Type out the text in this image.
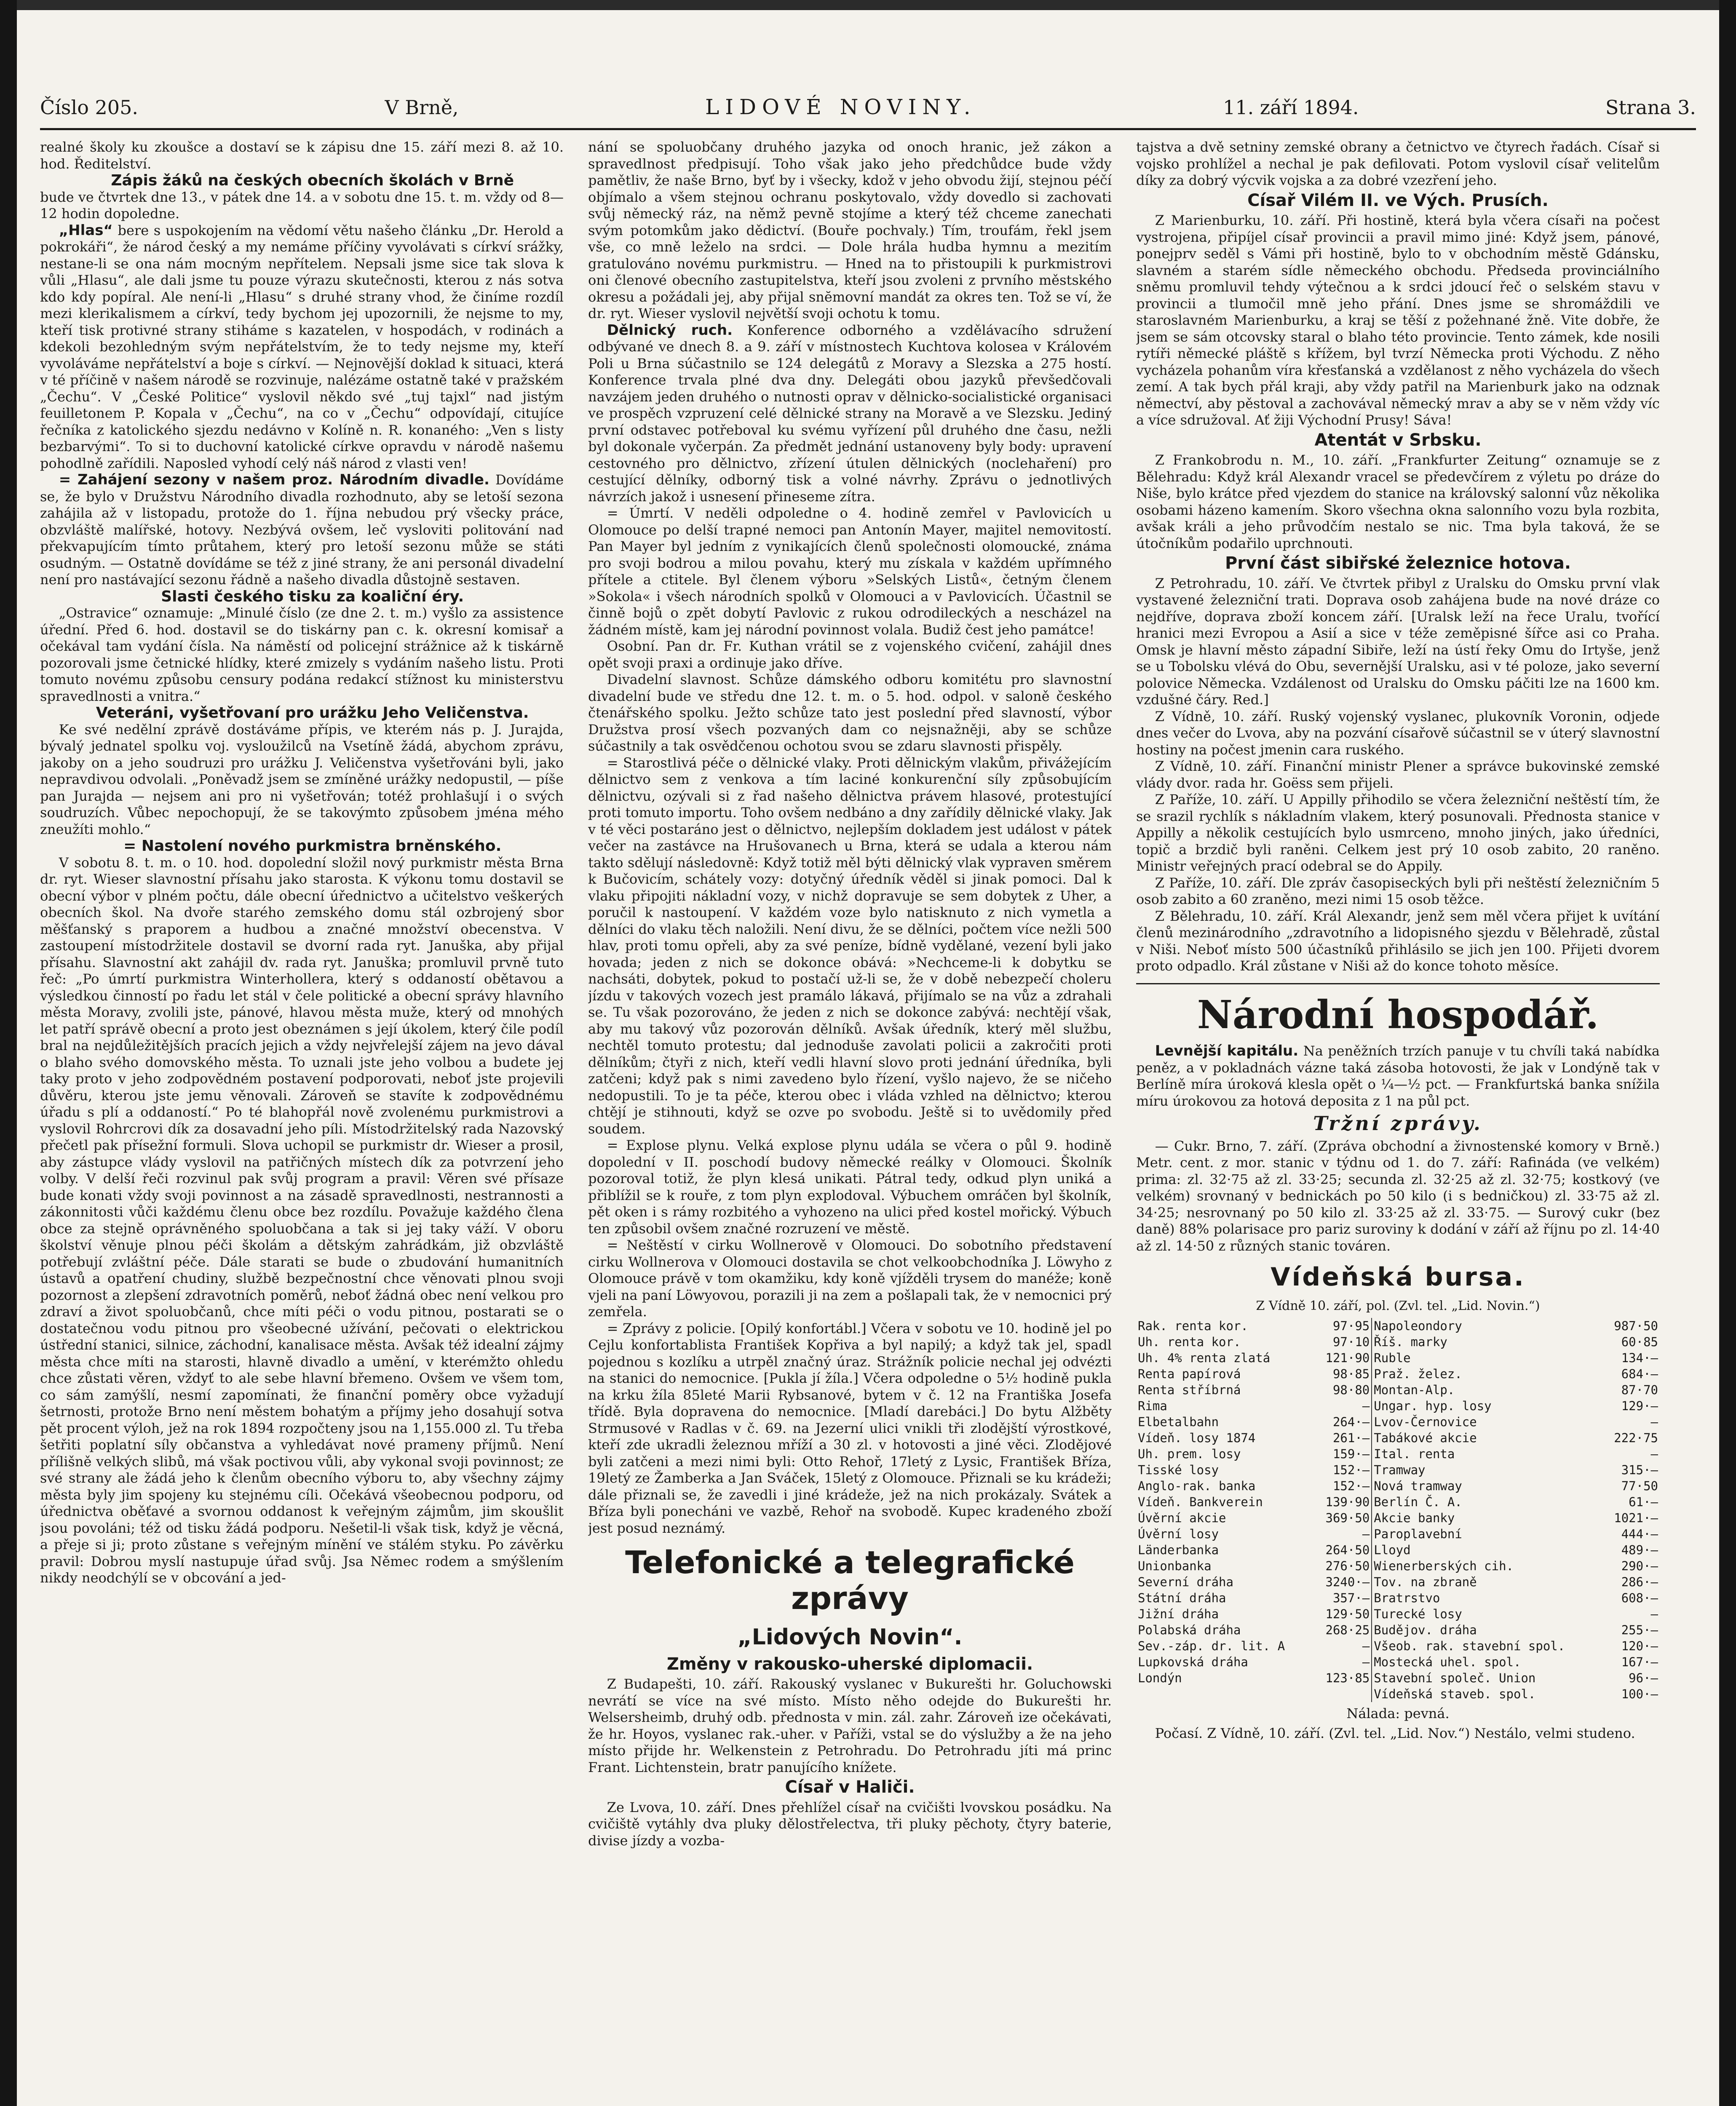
Číslo 205.	V Brně,	LIDOVÉ NOVINY.	11. září 1894.	Strana 3.

realné školy ku zkoušce a dostaví se k zápisu dne 15. září mezi 8. až 10. hod. Ředitelství.

Zápis žáků na českých obecních školách v Brně

bude ve čtvrtek dne 13., v pátek dne 14. a v sobotu dne 15. t. m. vždy od 8—12 hodin dopoledne.

„Hlas“ bere s uspokojením na vědomí větu našeho článku „Dr. Herold a pokrokáři“, že národ český a my nemáme příčiny vyvolávati s církví srážky, nestane-li se ona nám mocným nepřítelem. Nepsali jsme sice tak slova k vůli „Hlasu“, ale dali jsme tu pouze výrazu skutečnosti, kterou z nás sotva kdo kdy popíral. Ale není-li „Hlasu“ s druhé strany vhod, že činíme rozdíl mezi klerikalismem a církví, tedy bychom jej upozornili, že nejsme to my, kteří tisk protivné strany stiháme s kazatelen, v hospodách, v rodinách a kdekoli bezohledným svým nepřátelstvím, že to tedy nejsme my, kteří vyvoláváme nepřátelství a boje s církví. — Nejnovější doklad k situaci, která v té příčině v našem národě se rozvinuje, nalézáme ostatně také v pražském „Čechu“. V „České Politice“ vyslovil někdo své „tuj tajxl“ nad jistým feuilletonem P. Kopala v „Čechu“, na co v „Čechu“ odpovídají, citujíce řečníka z katolického sjezdu nedávno v Kolíně n. R. konaného: „Ven s listy bezbarvými“. To si to duchovní katolické církve opravdu v národě našemu pohodlně zařídili. Naposled vyhodí celý náš národ z vlasti ven!

= Zahájení sezony v našem proz. Národním divadle. Dovídáme se, že bylo v Družstvu Národního divadla rozhodnuto, aby se letoší sezona zahájila až v listopadu, protože do 1. října nebudou prý všecky práce, obzvláště malířské, hotovy. Nezbývá ovšem, leč vysloviti politování nad překvapujícím tímto průtahem, který pro letoší sezonu může se státi osudným. — Ostatně dovídáme se též z jiné strany, že ani personál divadelní není pro nastávající sezonu řádně a našeho divadla důstojně sestaven.

Slasti českého tisku za koaliční éry.

„Ostravice“ oznamuje: „Minulé číslo (ze dne 2. t. m.) vyšlo za assistence úřední. Před 6. hod. dostavil se do tiskárny pan c. k. okresní komisař a očekával tam vydání čísla. Na náměstí od policejní strážnice až k tiskárně pozorovali jsme četnické hlídky, které zmizely s vydáním našeho listu. Proti tomuto novému způsobu censury podána redakcí stížnost ku ministerstvu spravedlnosti a vnitra.“

Veteráni, vyšetřovaní pro urážku Jeho Veličenstva.

Ke své nedělní zprávě dostáváme přípis, ve kterém nás p. J. Jurajda, bývalý jednatel spolku voj. vysloužilců na Vsetíně žádá, abychom zprávu, jakoby on a jeho soudruzi pro urážku J. Veličenstva vyšetřováni byli, jako nepravdivou odvolali. „Poněvadž jsem se zmíněné urážky nedopustil, — píše pan Jurajda — nejsem ani pro ni vyšetřován; totéž prohlašují i o svých soudruzích. Vůbec nepochopují, že se takovýmto způsobem jména mého zneužíti mohlo.“

= Nastolení nového purkmistra brněnského.

V sobotu 8. t. m. o 10. hod. dopolední složil nový purkmistr města Brna dr. ryt. Wieser slavnostní přísahu jako starosta. K výkonu tomu dostavil se obecní výbor v plném počtu, dále obecní úřednictvo a učitelstvo veškerých obecních škol. Na dvoře starého zemského domu stál ozbrojený sbor měšťanský s praporem a hudbou a značné množství obecenstva. V zastoupení místodržitele dostavil se dvorní rada ryt. Januška, aby přijal přísahu. Slavnostní akt zahájil dv. rada ryt. Januška; promluvil prvně tuto řeč: „Po úmrtí purkmistra Winterhollera, který s oddaností obětavou a výsledkou činností po řadu let stál v čele politické a obecní správy hlavního města Moravy, zvolili jste, pánové, hlavou města muže, který od mnohých let patří správě obecní a proto jest obeznámen s její úkolem, který čile podíl bral na nejdůležitějších pracích jejich a vždy nejvřelejší zájem na jevo dával o blaho svého domovského města. To uznali jste jeho volbou a budete jej taky proto v jeho zodpovědném postavení podporovati, neboť jste projevili důvěru, kterou jste jemu věnovali. Zároveň se stavíte k zodpovědnému úřadu s plí a oddaností.“ Po té blahopřál nově zvolenému purkmistrovi a vyslovil Rohrcrovi dík za dosavadní jeho píli. Místodržitelský rada Nazovský přečetl pak přísežní formuli. Slova uchopil se purkmistr dr. Wieser a prosil, aby zástupce vlády vyslovil na patřičných místech dík za potvrzení jeho volby. V delší řeči rozvinul pak svůj program a pravil: Věren své přísaze bude konati vždy svoji povinnost a na zásadě spravedlnosti, nestrannosti a zákonnitosti vůči každému členu obce bez rozdílu. Považuje každého člena obce za stejně oprávněného spoluobčana a tak si jej taky váží. V oboru školství věnuje plnou péči školám a dětským zahrádkám, již obzvláště potřebují zvláštní péče. Dále starati se bude o zbudování humanitních ústavů a opatření chudiny, službě bezpečnostní chce věnovati plnou svoji pozornost a zlepšení zdravotních poměrů, neboť žádná obec není velkou pro zdraví a život spoluobčanů, chce míti péči o vodu pitnou, postarati se o dostatečnou vodu pitnou pro všeobecné užívání, pečovati o elektrickou ústřední stanici, silnice, záchodní, kanalisace města. Avšak též idealní zájmy města chce míti na starosti, hlavně divadlo a umění, v kterémžto ohledu chce zůstati věren, vždyť to ale sebe hlavní břemeno. Ovšem ve všem tom, co sám zamýšlí, nesmí zapomínati, že finanční poměry obce vyžadují šetrnosti, protože Brno není městem bohatým a příjmy jeho dosahují sotva pět procent výloh, jež na rok 1894 rozpočteny jsou na 1,155.000 zl. Tu třeba šetřiti poplatní síly občanstva a vyhledávat nové prameny příjmů. Není přílišně velkých slibů, má však poctivou vůli, aby vykonal svoji povinnost; ze své strany ale žádá jeho k členům obecního výboru to, aby všechny zájmy města byly jim spojeny ku stejnému cíli. Očekává všeobecnou podporu, od úřednictva oběťavé a svornou oddanost k veřejným zájmům, jim skoušlit jsou povoláni; též od tisku žádá podporu. Nešetil-li však tisk, když je věcná, a přeje si ji; proto zůstane s veřejným mínění ve stálém styku. Po závěrku pravil: Dobrou myslí nastupuje úřad svůj. Jsa Němec rodem a smýšlením nikdy neodchýlí se v obcování a jed-

nání se spoluobčany druhého jazyka od onoch hranic, jež zákon a spravedlnost předpisují. Toho však jako jeho předchůdce bude vždy pamětliv, že naše Brno, byť by i všecky, kdož v jeho obvodu žijí, stejnou péčí objímalo a všem stejnou ochranu poskytovalo, vždy dovedlo si zachovati svůj německý ráz, na němž pevně stojíme a který též chceme zanechati svým potomkům jako dědictví. (Bouře pochvaly.) Tím, troufám, řekl jsem vše, co mně leželo na srdci. — Dole hrála hudba hymnu a mezitím gratulováno novému purkmistru. — Hned na to přistoupili k purkmistrovi oni členové obecního zastupitelstva, kteří jsou zvoleni z prvního městského okresu a požádali jej, aby přijal snĕmovní mandát za okres ten. Tož se ví, že dr. ryt. Wieser vyslovil největší svoji ochotu k tomu.

Dělnický ruch. Konference odborného a vzdělávacího sdružení odbývané ve dnech 8. a 9. září v místnostech Kuchtova kolosea v Královém Poli u Brna súčastnilo se 124 delegátů z Moravy a Slezska a 275 hostí. Konference trvala plné dva dny. Delegáti obou jazyků převšedčovali navzájem jeden druhého o nutnosti oprav v dělnicko-socialistické organisaci ve prospěch vzpruzení celé dělnické strany na Moravě a ve Slezsku. Jediný první odstavec potřeboval ku svému vyřízení půl druhého dne času, nežli byl dokonale vyčerpán. Za předmět jednání ustanoveny byly body: upravení cestovného pro dělnictvo, zřízení útulen dělnických (noclehaření) pro cestující dělníky, odborný tisk a volné návrhy. Zprávu o jednotlivých návrzích jakož i usnesení přineseme zítra.

= Úmrtí. V neděli odpoledne o 4. hodině zemřel v Pavlovicích u Olomouce po delší trapné nemoci pan Antonín Mayer, majitel nemovitostí. Pan Mayer byl jedním z vynikajících členů společnosti olomoucké, známa pro svoji bodrou a milou povahu, který mu získala v každém upřímného přítele a ctitele. Byl členem výboru »Selských Listů«, četným členem »Sokola« i všech národních spolků v Olomouci a v Pavlovicích. Účastnil se činně bojů o zpět dobytí Pavlovic z rukou odrodileckých a nescházel na žádném místě, kam jej národní povinnost volala. Budiž čest jeho památce!

Osobní. Pan dr. Fr. Kuthan vrátil se z vojenského cvičení, zahájil dnes opět svoji praxi a ordinuje jako dříve.

Divadelní slavnost. Schůze dámského odboru komitétu pro slavnostní divadelní bude ve středu dne 12. t. m. o 5. hod. odpol. v saloně českého čtenářského spolku. Ježto schůze tato jest poslední před slavností, výbor Družstva prosí všech pozvaných dam co nejsnažněji, aby se schůze súčastnily a tak osvědčenou ochotou svou se zdaru slavnosti přispěly.

= Starostlivá péče o dělnické vlaky. Proti dělnickým vlakům, přivážejícím dělnictvo sem z venkova a tím laciné konkurenční síly způsobujícím dělnictvu, ozývali si z řad našeho dělnictva právem hlasové, protestující proti tomuto importu. Toho ovšem nedbáno a dny zařídily dělnické vlaky. Jak v té věci postaráno jest o dělnictvo, nejlepším dokladem jest událost v pátek večer na zastávce na Hrušovanech u Brna, která se udala a kterou nám takto sdělují následovně: Když totiž měl býti dělnický vlak vypraven směrem k Bučovicím, schátely vozy: dotyčný úředník věděl si jinak pomoci. Dal k vlaku připojiti nákladní vozy, v nichž dopravuje se sem dobytek z Uher, a poručil k nastoupení. V každém voze bylo natisknuto z nich vymetla a dělníci do vlaku těch naložili. Není divu, že se dělníci, počtem více nežli 500 hlav, proti tomu opřeli, aby za své peníze, bídně vydělané, vezení byli jako hovada; jeden z nich se dokonce obává: »Nechceme-li k dobytku se nachsáti, dobytek, pokud to postačí už-li se, že v době nebezpečí choleru jízdu v takových vozech jest pramálo lákavá, přijímalo se na vůz a zdrahali se. Tu však pozorováno, že jeden z nich se dokonce zabývá: nechtějí však, aby mu takový vůz pozorován dělníků. Avšak úředník, který měl službu, nechtěl tomuto protestu; dal jednoduše zavolati policii a zakročiti proti dělníkům; čtyři z nich, kteří vedli hlavní slovo proti jednání úředníka, byli zatčeni; když pak s nimi zavedeno bylo řízení, vyšlo najevo, že se ničeho nedopustili. To je ta péče, kterou obec i vláda vzhled na dělnictvo; kterou chtějí je stihnouti, když se ozve po svobodu. Ještě si to uvědomily před soudem.

= Explose plynu. Velká explose plynu udála se včera o půl 9. hodině dopolední v II. poschodí budovy německé reálky v Olomouci. Školník pozoroval totiž, že plyn klesá unikati. Pátral tedy, odkud plyn uniká a přiblížil se k rouře, z tom plyn explodoval. Výbuchem omráčen byl školník, pět oken i s rámy rozbitého a vyhozeno na ulici před kostel mořický. Výbuch ten způsobil ovšem značné rozruzení ve městě.

= Neštěstí v cirku Wollnerově v Olomouci. Do sobotního představení cirku Wollnerova v Olomouci dostavila se chot velkoobchodníka J. Löwyho z Olomouce právě v tom okamžiku, kdy koně vjížděli trysem do manéže; koně vjeli na paní Löwyovou, porazili ji na zem a pošlapali tak, že v nemocnici prý zemřela.

= Zprávy z policie. [Opilý konfortábl.] Včera v sobotu ve 10. hodině jel po Cejlu konfortablista František Kopřiva a byl napilý; a když tak jel, spadl pojednou s kozlíku a utrpěl značný úraz. Strážník policie nechal jej odvézti na stanici do nemocnice. [Pukla jí žíla.] Včera odpoledne o 5½ hodině pukla na krku žíla 85leté Marii Rybsanové, bytem v č. 12 na Františka Josefa třídě. Byla dopravena do nemocnice. [Mladí darebáci.] Do bytu Alžběty Strmusové v Radlas v č. 69. na Jezerní ulici vnikli tři zlodějští výrostkové, kteří zde ukradli železnou mříží a 30 zl. v hotovosti a jiné věci. Zlodějové byli zatčeni a mezi nimi byli: Otto Rehoř, 17letý z Lysic, František Bříza, 19letý ze Žamberka a Jan Sváček, 15letý z Olomouce. Přiznali se ku krádeži; dále přiznali se, že zavedli i jiné krádeže, jež na nich prokázaly. Svátek a Bříza byli ponecháni ve vazbě, Rehoř na svobodě. Kupec kradeného zboží jest posud neznámý.

Telefonické a telegrafické zprávy
„Lidových Novin“.
Změny v rakousko-uherské diplomacii.

Z Budapešti, 10. září. Rakouský vyslanec v Bukurešti hr. Goluchowski nevrátí se více na své místo. Místo něho odejde do Bukurešti hr. Welsersheimb, druhý odb. přednosta v min. zál. zahr. Zároveň ize očekávati, že hr. Hoyos, vyslanec rak.-uher. v Paříži, vstal se do výslužby a že na jeho místo přijde hr. Welkenstein z Petrohradu. Do Petrohradu jíti má princ Frant. Lichtenstein, bratr panujícího knížete.

Císař v Haliči.

Ze Lvova, 10. září. Dnes přehlížel císař na cvičišti lvovskou posádku. Na cvičiště vytáhly dva pluky dělostřelectva, tři pluky pěchoty, čtyry baterie, divise jízdy a vozba-

tajstva a dvě setniny zemské obrany a četnictvo ve čtyrech řadách. Císař si vojsko prohlížel a nechal je pak defilovati. Potom vyslovil císař velitelům díky za dobrý výcvik vojska a za dobré vzezření jeho.

Císař Vilém II. ve Vých. Prusích.

Z Marienburku, 10. září. Při hostině, která byla včera císaři na počest vystrojena, připíjel císař provincii a pravil mimo jiné: Když jsem, pánové, ponejprv seděl s Vámi při hostině, bylo to v obchodním městě Gdánsku, slavném a starém sídle německého obchodu. Předseda provinciálního sněmu promluvil tehdy výtečnou a k srdci jdoucí řeč o selském stavu v provincii a tlumočil mně jeho přání. Dnes jsme se shromáždili ve staroslavném Marienburku, a kraj se těší z požehnané žně. Vite dobře, že jsem se sám otcovsky staral o blaho této provincie. Tento zámek, kde nosili rytíři německé pláště s křížem, byl tvrzí Německa proti Východu. Z něho vycházela pohanům víra křesťanská a vzdělanost z něho vycházela do všech zemí. A tak bych přál kraji, aby vždy patřil na Marienburk jako na odznak němectví, aby pěstoval a zachovával německý mrav a aby se v něm vždy víc a více sdružoval. Ať žiji Východní Prusy! Sáva!

Atentát v Srbsku.

Z Frankobrodu n. M., 10. září. „Frankfurter Zeitung“ oznamuje se z Bělehradu: Když král Alexandr vracel se předevčírem z výletu po dráze do Niše, bylo krátce před vjezdem do stanice na královský salonní vůz několika osobami házeno kamením. Skoro všechna okna salonního vozu byla rozbita, avšak králi a jeho průvodčím nestalo se nic. Tma byla taková, že se útočníkům podařilo uprchnouti.

První část sibiřské železnice hotova.

Z Petrohradu, 10. září. Ve čtvrtek přibyl z Uralsku do Omsku první vlak vystavené železniční trati. Doprava osob zahájena bude na nové dráze co nejdříve, doprava zboží koncem září. [Uralsk leží na řece Uralu, tvořící hranici mezi Evropou a Asií a sice v téže zeměpisné šířce asi co Praha. Omsk je hlavní město západní Sibiře, leží na ústí řeky Omu do Irtyše, jenž se u Tobolsku vlévá do Obu, severnější Uralsku, asi v té poloze, jako severní polovice Německa. Vzdálenost od Uralsku do Omsku páčiti lze na 1600 km. vzdušné čáry. Red.]

Z Vídně, 10. září. Ruský vojenský vyslanec, plukovník Voronin, odjede dnes večer do Lvova, aby na pozvání císařově súčastnil se v úterý slavnostní hostiny na počest jmenin cara ruského.

Z Vídně, 10. září. Finanční ministr Plener a správce bukovinské zemské vlády dvor. rada hr. Goëss sem přijeli.

Z Paříže, 10. září. U Appilly přihodilo se včera železniční neštěstí tím, že se srazil rychlík s nákladním vlakem, který posunovali. Přednosta stanice v Appilly a několik cestujících bylo usmrceno, mnoho jiných, jako úředníci, topič a brzdič byli raněni. Celkem jest prý 10 osob zabito, 20 raněno. Ministr veřejných prací odebral se do Appily.

Z Paříže, 10. září. Dle zpráv časopiseckých byli při neštěstí železničním 5 osob zabito a 60 zraněno, mezi nimi 15 osob těžce.

Z Bělehradu, 10. září. Král Alexandr, jenž sem měl včera přijet k uvítání členů mezinárodního „zdravotního a lidopisného sjezdu v Bělehradě, zůstal v Niši. Neboť místo 500 účastníků přihlásilo se jich jen 100. Přijeti dvorem proto odpadlo. Král zůstane v Niši až do konce tohoto měsíce.

Národní hospodář.

Levnější kapitálu. Na peněžních trzích panuje v tu chvíli taká nabídka peněz, a v pokladnách vázne taká zásoba hotovosti, že jak v Londýně tak v Berlíně míra úroková klesla opět o ¼—½ pct. — Frankfurtská banka snížila míru úrokovou za hotová deposita z 1 na půl pct.

Tržní zprávy.

— Cukr. Brno, 7. září. (Zpráva obchodní a živnostenské komory v Brně.) Metr. cent. z mor. stanic v týdnu od 1. do 7. září: Rafináda (ve velkém) prima: zl. 32·75 až zl. 33·25; secunda zl. 32·25 až zl. 32·75; kostkový (ve velkém) srovnaný v bednickách po 50 kilo (i s bedničkou) zl. 33·75 až zl. 34·25; nesrovnaný po 50 kilo zl. 33·25 až zl. 33·75. — Surový cukr (bez daně) 88% polarisace pro pariz suroviny k dodání v září až říjnu po zl. 14·40 až zl. 14·50 z různých stanic továren.

Vídeňská bursa.
Z Vídně 10. září, pol. (Zvl. tel. „Lid. Novin.“)
Rak. renta kor.	97·95	Napoleondory	987·50
Uh. renta kor.	97·10	Říš. marky	60·85
Uh. 4% renta zlatá	121·90	Ruble	134·—
Renta papírová	98·85	Praž. želez.	684·—
Renta stříbrná	98·80	Montan-Alp.	87·70
Rima	—	Ungar. hyp. losy	129·—
Elbetalbahn	264·—	Lvov-Černovice	—
Vídeň. losy 1874	261·—	Tabákové akcie	222·75
Uh. prem. losy	159·—	Ital. renta	—
Tisské losy	152·—	Tramway	315·—
Anglo-rak. banka	152·—	Nová tramway	77·50
Vídeň. Bankverein	139·90	Berlín Č. A.	61·—
Úvěrní akcie	369·50	Akcie banky	1021·—
Úvěrní losy	—	Paroplavební	444·—
Länderbanka	264·50	Lloyd	489·—
Unionbanka	276·50	Wienerberských cih.	290·—
Severní dráha	3240·—	Tov. na zbraně	286·—
Státní dráha	357·—	Bratrstvo	608·—
Jižní dráha	129·50	Turecké losy	—
Polabská dráha	268·25	Budějov. dráha	255·—
Sev.-záp. dr. lit. A	—	Všeob. rak. stavební spol.	120·—
Lupkovská dráha	—	Mostecká uhel. spol.	167·—
Londýn	123·85	Stavební společ. Union	96·—
		Vídeňská staveb. spol.	100·—
Nálada: pevná.

Počasí. Z Vídně, 10. září. (Zvl. tel. „Lid. Nov.“) Nestálo, velmi studeno.
